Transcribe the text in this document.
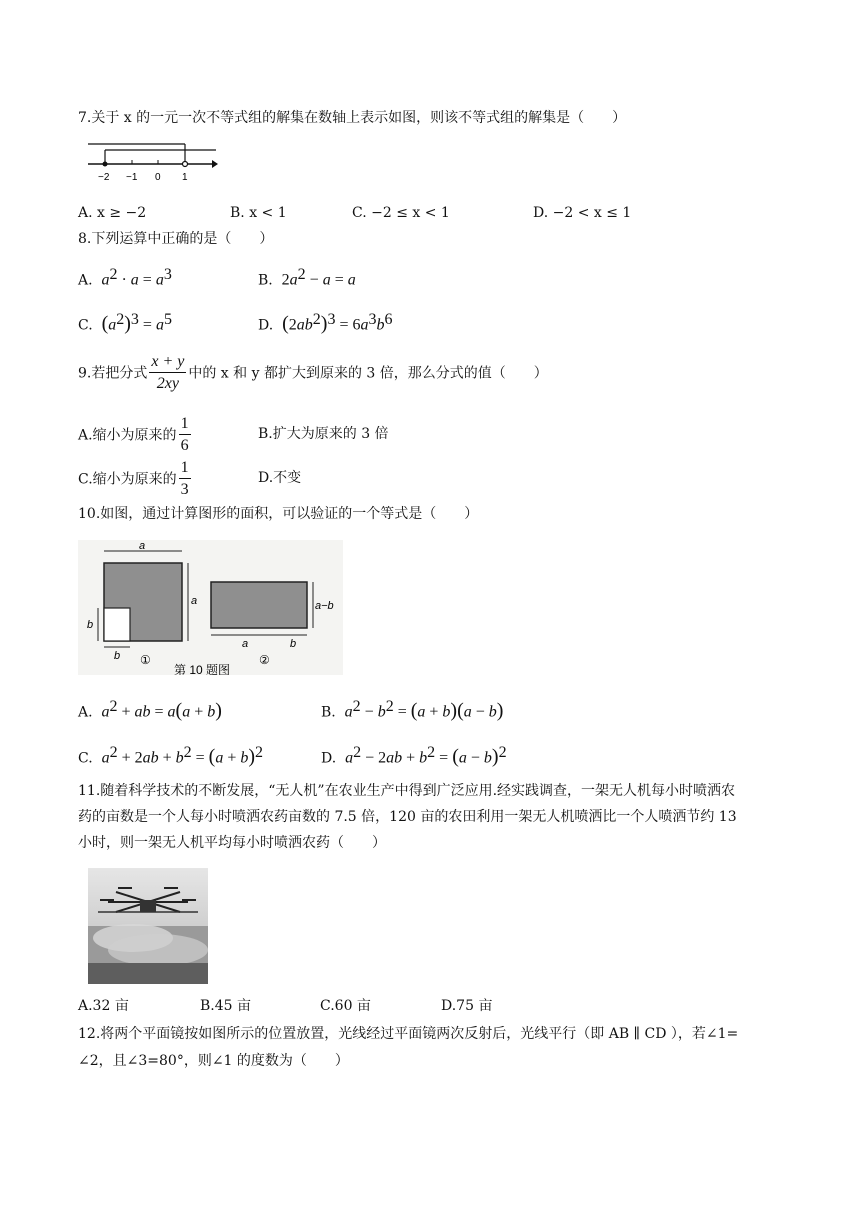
7.关于 x 的一元一次不等式组的解集在数轴上表示如图，则该不等式组的解集是（　　）
−2 −1 0 1
A. x ≥ −2	B. x < 1	C. −2 ≤ x < 1	D. −2 < x ≤ 1
8.下列运算中正确的是（　　）
A. $a^2 \cdot a = a^3$	B. $2a^2 - a = a$
C. $(a^2)^3 = a^5$	D. $(2ab^2)^3 = 6a^3b^6$
9.若把分式 $\frac{x + y}{2xy}$ 中的 x 和 y 都扩大到原来的 3 倍，那么分式的值（　　）
A.缩小为原来的 $\frac{1}{6}$	B.扩大为原来的 3 倍
C.缩小为原来的 $\frac{1}{3}$	D.不变
10.如图，通过计算图形的面积，可以验证的一个等式是（　　）
a
a
b
b ①
a−b
a	b
②
第 10 题图
A. $a^2$ + ab = a(a + b)	B. $a^2 - b^2 = (a + b)(a - b)$
C. $a^2 + 2ab + b^2 = (a + b)^2$	D. $a^2 - 2ab + b^2 = (a - b)^2$
11.随着科学技术的不断发展，“无人机”在农业生产中得到广泛应用.经实践调查，一架无人机每小时喷洒农
药的亩数是一个人每小时喷洒农药亩数的 7.5 倍，120 亩的农田利用一架无人机喷洒比一个人喷洒节约 13
小时，则一架无人机平均每小时喷洒农药（　　）
A.32 亩	B.45 亩	C.60 亩	D.75 亩
12.将两个平面镜按如图所示的位置放置，光线经过平面镜两次反射后，光线平行（即 AB ∥ CD ），若∠1=
∠2，且∠3=80°，则∠1 的度数为（　　）
